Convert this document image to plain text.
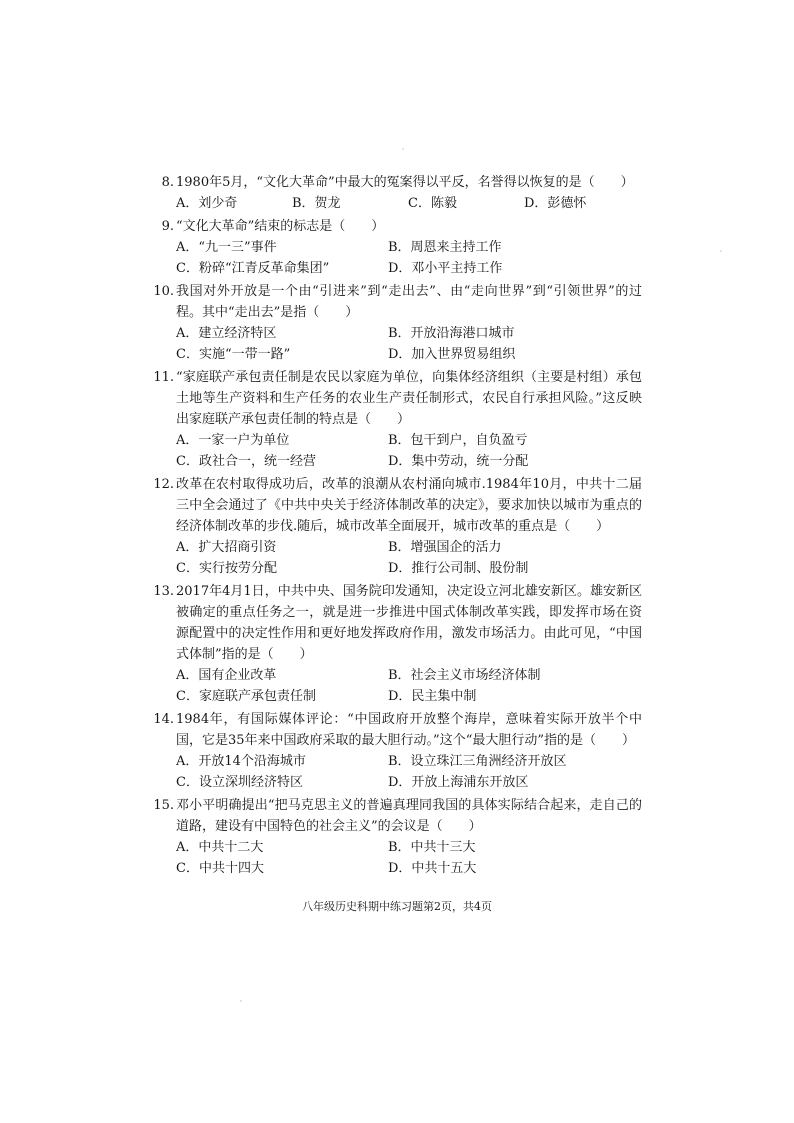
8. 1980年5月，“文化大革命”中最大的冤案得以平反，名誉得以恢复的是（　　）
A．刘少奇	B．贺龙	C．陈毅	D．彭德怀
9. “文化大革命”结束的标志是（　　）
A．“九一三”事件	B．周恩来主持工作
C．粉碎“江青反革命集团”	D．邓小平主持工作
10. 我国对外开放是一个由“引进来”到“走出去”、由“走向世界”到“引领世界”的过程。其中“走出去”是指（　　）
A．建立经济特区	B．开放沿海港口城市
C．实施“一带一路”	D．加入世界贸易组织
11. “家庭联产承包责任制是农民以家庭为单位，向集体经济组织（主要是村组）承包土地等生产资料和生产任务的农业生产责任制形式，农民自行承担风险。”这反映出家庭联产承包责任制的特点是（　　）
A．一家一户为单位	B．包干到户，自负盈亏
C．政社合一，统一经营	D．集中劳动，统一分配
12. 改革在农村取得成功后，改革的浪潮从农村涌向城市.1984年10月，中共十二届三中全会通过了《中共中央关于经济体制改革的决定》，要求加快以城市为重点的经济体制改革的步伐.随后，城市改革全面展开，城市改革的重点是（　　）
A．扩大招商引资	B．增强国企的活力
C．实行按劳分配	D．推行公司制、股份制
13. 2017年4月1日，中共中央、国务院印发通知，决定设立河北雄安新区。雄安新区被确定的重点任务之一，就是进一步推进中国式体制改革实践，即发挥市场在资源配置中的决定性作用和更好地发挥政府作用，激发市场活力。由此可见，“中国式体制”指的是（　　）
A．国有企业改革	B．社会主义市场经济体制
C．家庭联产承包责任制	D．民主集中制
14. 1984年，有国际媒体评论：“中国政府开放整个海岸，意味着实际开放半个中国，它是35年来中国政府采取的最大胆行动。”这个“最大胆行动”指的是（　　）
A．开放14个沿海城市	B．设立珠江三角洲经济开放区
C．设立深圳经济特区	D．开放上海浦东开放区
15. 邓小平明确提出“把马克思主义的普遍真理同我国的具体实际结合起来，走自己的道路，建设有中国特色的社会主义”的会议是（　　）
A．中共十二大	B．中共十三大
C．中共十四大	D．中共十五大
八年级历史科期中练习题第2页，共4页
